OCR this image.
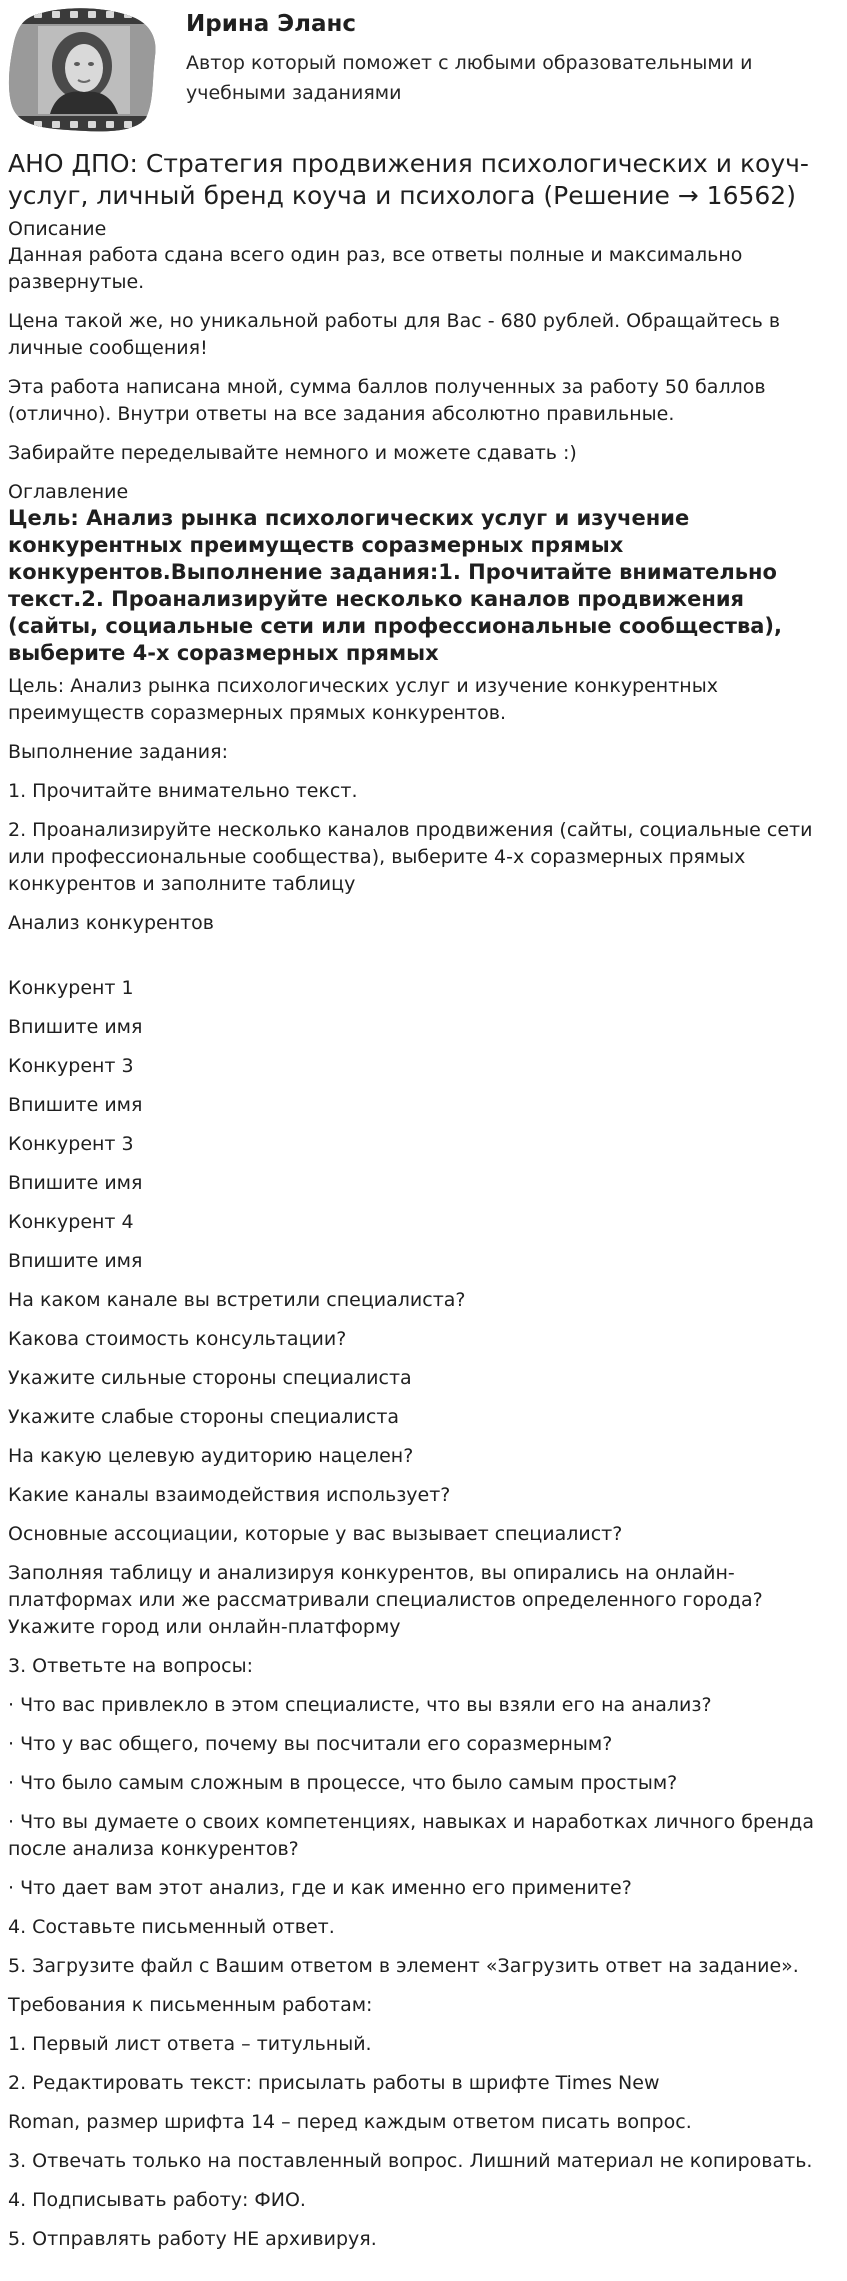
Ирина Эланс
Автор который поможет с любыми образовательными и учебными заданиями
АНО ДПО: Стратегия продвижения психологических и коуч-услуг, личный бренд коуча и психолога (Решение → 16562)
Описание
Данная работа сдана всего один раз, все ответы полные и максимально развернутые.
Цена такой же, но уникальной работы для Вас - 680 рублей. Обращайтесь в личные сообщения!
Эта работа написана мной, сумма баллов полученных за работу 50 баллов (отлично). Внутри ответы на все задания абсолютно правильные.
Забирайте переделывайте немного и можете сдавать :)
Оглавление
Цель: Анализ рынка психологических услуг и изучение конкурентных преимуществ соразмерных прямых конкурентов.Выполнение задания:1. Прочитайте внимательно текст.2. Проанализируйте несколько каналов продвижения (сайты, социальные сети или профессиональные сообщества), выберите 4-х соразмерных прямых
Цель: Анализ рынка психологических услуг и изучение конкурентных преимуществ соразмерных прямых конкурентов.
Выполнение задания:
1. Прочитайте внимательно текст.
2. Проанализируйте несколько каналов продвижения (сайты, социальные сети или профессиональные сообщества), выберите 4-х соразмерных прямых конкурентов и заполните таблицу
Анализ конкурентов
Конкурент 1
Впишите имя
Конкурент 3
Впишите имя
Конкурент 3
Впишите имя
Конкурент 4
Впишите имя
На каком канале вы встретили специалиста?
Какова стоимость консультации?
Укажите сильные стороны специалиста
Укажите слабые стороны специалиста
На какую целевую аудиторию нацелен?
Какие каналы взаимодействия использует?
Основные ассоциации, которые у вас вызывает специалист?
Заполняя таблицу и анализируя конкурентов, вы опирались на онлайн-платформах или же рассматривали специалистов определенного города? Укажите город или онлайн-платформу
3. Ответьте на вопросы:
· Что вас привлекло в этом специалисте, что вы взяли его на анализ?
· Что у вас общего, почему вы посчитали его соразмерным?
· Что было самым сложным в процессе, что было самым простым?
· Что вы думаете о своих компетенциях, навыках и наработках личного бренда после анализа конкурентов?
· Что дает вам этот анализ, где и как именно его примените?
4. Составьте письменный ответ.
5. Загрузите файл с Вашим ответом в элемент «Загрузить ответ на задание».
Требования к письменным работам:
1. Первый лист ответа – титульный.
2. Редактировать текст: присылать работы в шрифте Times New
Roman, размер шрифта 14 – перед каждым ответом писать вопрос.
3. Отвечать только на поставленный вопрос. Лишний материал не копировать.
4. Подписывать работу: ФИО.
5. Отправлять работу НЕ архивируя.
